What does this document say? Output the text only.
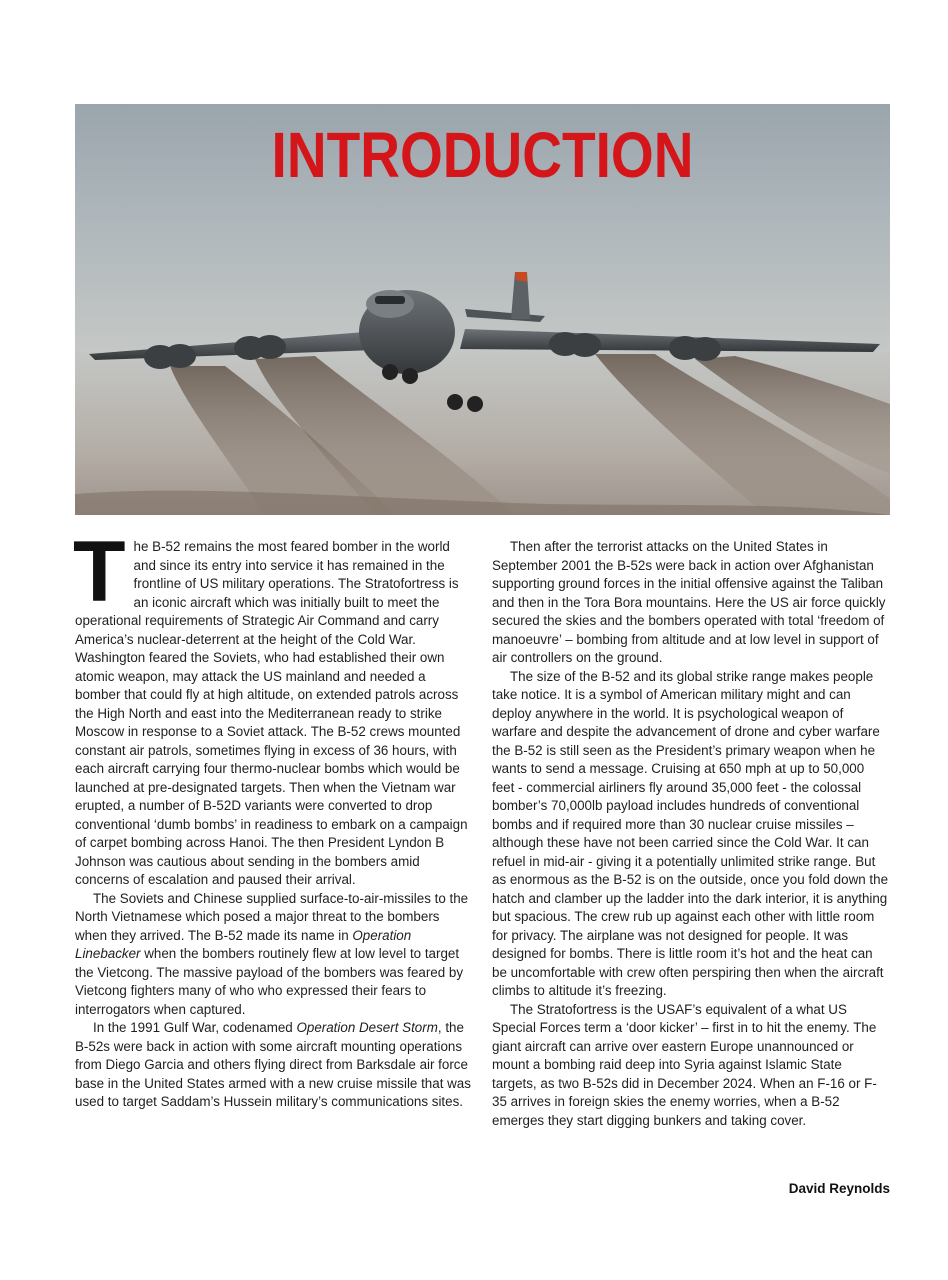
INTRODUCTION

The B-52 remains the most feared bomber in the world and since its entry into service it has remained in the frontline of US military operations. The Stratofortress is an iconic aircraft which was initially built to meet the operational requirements of Strategic Air Command and carry America’s nuclear-deterrent at the height of the Cold War. Washington feared the Soviets, who had established their own atomic weapon, may attack the US mainland and needed a bomber that could fly at high altitude, on extended patrols across the High North and east into the Mediterranean ready to strike Moscow in response to a Soviet attack. The B-52 crews mounted constant air patrols, sometimes flying in excess of 36 hours, with each aircraft carrying four thermo-nuclear bombs which would be launched at pre-designated targets. Then when the Vietnam war erupted, a number of B-52D variants were converted to drop conventional ‘dumb bombs’ in readiness to embark on a campaign of carpet bombing across Hanoi. The then President Lyndon B Johnson was cautious about sending in the bombers amid concerns of escalation and paused their arrival.

The Soviets and Chinese supplied surface-to-air-missiles to the North Vietnamese which posed a major threat to the bombers when they arrived. The B-52 made its name in Operation Linebacker when the bombers routinely flew at low level to target the Vietcong. The massive payload of the bombers was feared by Vietcong fighters many of who who expressed their fears to interrogators when captured.

In the 1991 Gulf War, codenamed Operation Desert Storm, the B-52s were back in action with some aircraft mounting operations from Diego Garcia and others flying direct from Barksdale air force base in the United States armed with a new cruise missile that was used to target Saddam’s Hussein military’s communications sites.

Then after the terrorist attacks on the United States in September 2001 the B-52s were back in action over Afghanistan supporting ground forces in the initial offensive against the Taliban and then in the Tora Bora mountains. Here the US air force quickly secured the skies and the bombers operated with total ‘freedom of manoeuvre’ – bombing from altitude and at low level in support of air controllers on the ground.

The size of the B-52 and its global strike range makes people take notice. It is a symbol of American military might and can deploy anywhere in the world. It is psychological weapon of warfare and despite the advancement of drone and cyber warfare the B-52 is still seen as the President’s primary weapon when he wants to send a message. Cruising at 650 mph at up to 50,000 feet - commercial airliners fly around 35,000 feet - the colossal bomber’s 70,000lb payload includes hundreds of conventional bombs and if required more than 30 nuclear cruise missiles – although these have not been carried since the Cold War. It can refuel in mid-air - giving it a potentially unlimited strike range. But as enormous as the B-52 is on the outside, once you fold down the hatch and clamber up the ladder into the dark interior, it is anything but spacious. The crew rub up against each other with little room for privacy. The airplane was not designed for people. It was designed for bombs. There is little room it’s hot and the heat can be uncomfortable with crew often perspiring then when the aircraft climbs to altitude it’s freezing.

The Stratofortress is the USAF’s equivalent of a what US Special Forces term a ‘door kicker’ – first in to hit the enemy. The giant aircraft can arrive over eastern Europe unannounced or mount a bombing raid deep into Syria against Islamic State targets, as two B-52s did in December 2024. When an F-16 or F-35 arrives in foreign skies the enemy worries, when a B-52 emerges they start digging bunkers and taking cover.

David Reynolds
